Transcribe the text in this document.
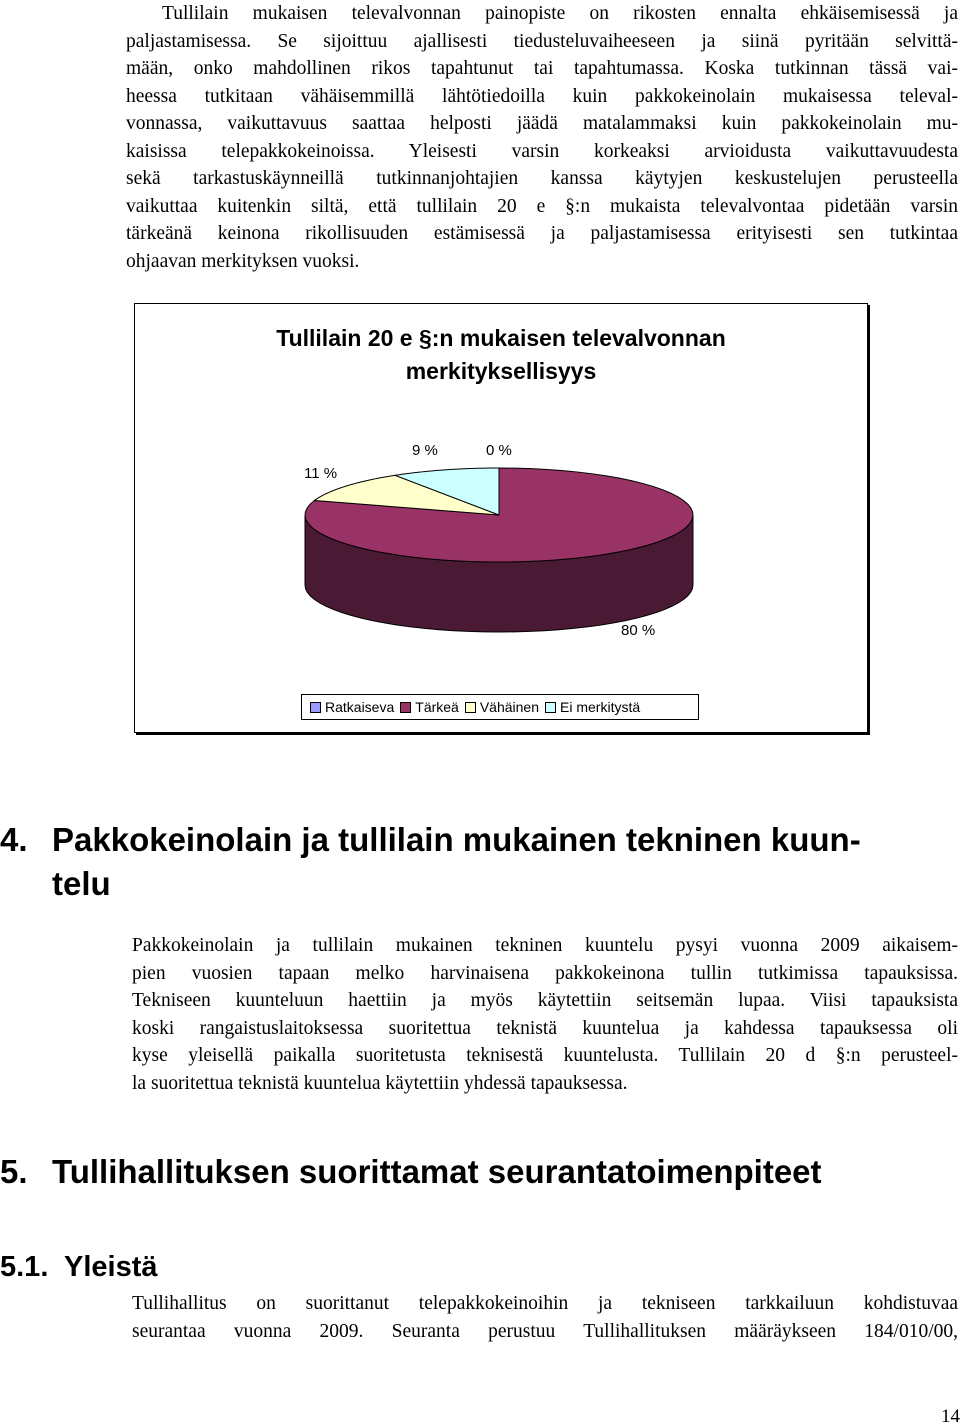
Tullilain mukaisen televalvonnan painopiste on rikosten ennalta ehkäisemisessä ja
paljastamisessa. Se sijoittuu ajallisesti tiedusteluvaiheeseen ja siinä pyritään selvittä-
mään, onko mahdollinen rikos tapahtunut tai tapahtumassa. Koska tutkinnan tässä vai-
heessa tutkitaan vähäisemmillä lähtötiedoilla kuin pakkokeinolain mukaisessa televal-
vonnassa, vaikuttavuus saattaa helposti jäädä matalammaksi kuin pakkokeinolain mu-
kaisissa telepakkokeinoissa. Yleisesti varsin korkeaksi arvioidusta vaikuttavuudesta
sekä tarkastuskäynneillä tutkinnanjohtajien kanssa käytyjen keskustelujen perusteella
vaikuttaa kuitenkin siltä, että tullilain 20 e §:n mukaista televalvontaa pidetään varsin
tärkeänä keinona rikollisuuden estämisessä ja paljastamisessa erityisesti sen tutkintaa
ohjaavan merkityksen vuoksi.
Tullilain 20 e §:n mukaisen televalvonnan
merkityksellisyys
11 %
9 %	0 %
80 %
Ratkaiseva Tärkeä Vähäinen Ei merkitystä
4. Pakkokeinolain ja tullilain mukainen tekninen kuun-
telu
Pakkokeinolain ja tullilain mukainen tekninen kuuntelu pysyi vuonna 2009 aikaisem-
pien vuosien tapaan melko harvinaisena pakkokeinona tullin tutkimissa tapauksissa.
Tekniseen kuunteluun haettiin ja myös käytettiin seitsemän lupaa. Viisi tapauksista
koski rangaistuslaitoksessa suoritettua teknistä kuuntelua ja kahdessa tapauksessa oli
kyse yleisellä paikalla suoritetusta teknisestä kuuntelusta. Tullilain 20 d §:n perusteel-
la suoritettua teknistä kuuntelua käytettiin yhdessä tapauksessa.
5. Tullihallituksen suorittamat seurantatoimenpiteet
5.1. Yleistä
Tullihallitus on suorittanut telepakkokeinoihin ja tekniseen tarkkailuun kohdistuvaa
seurantaa vuonna 2009. Seuranta perustuu Tullihallituksen määräykseen 184/010/00,
14
